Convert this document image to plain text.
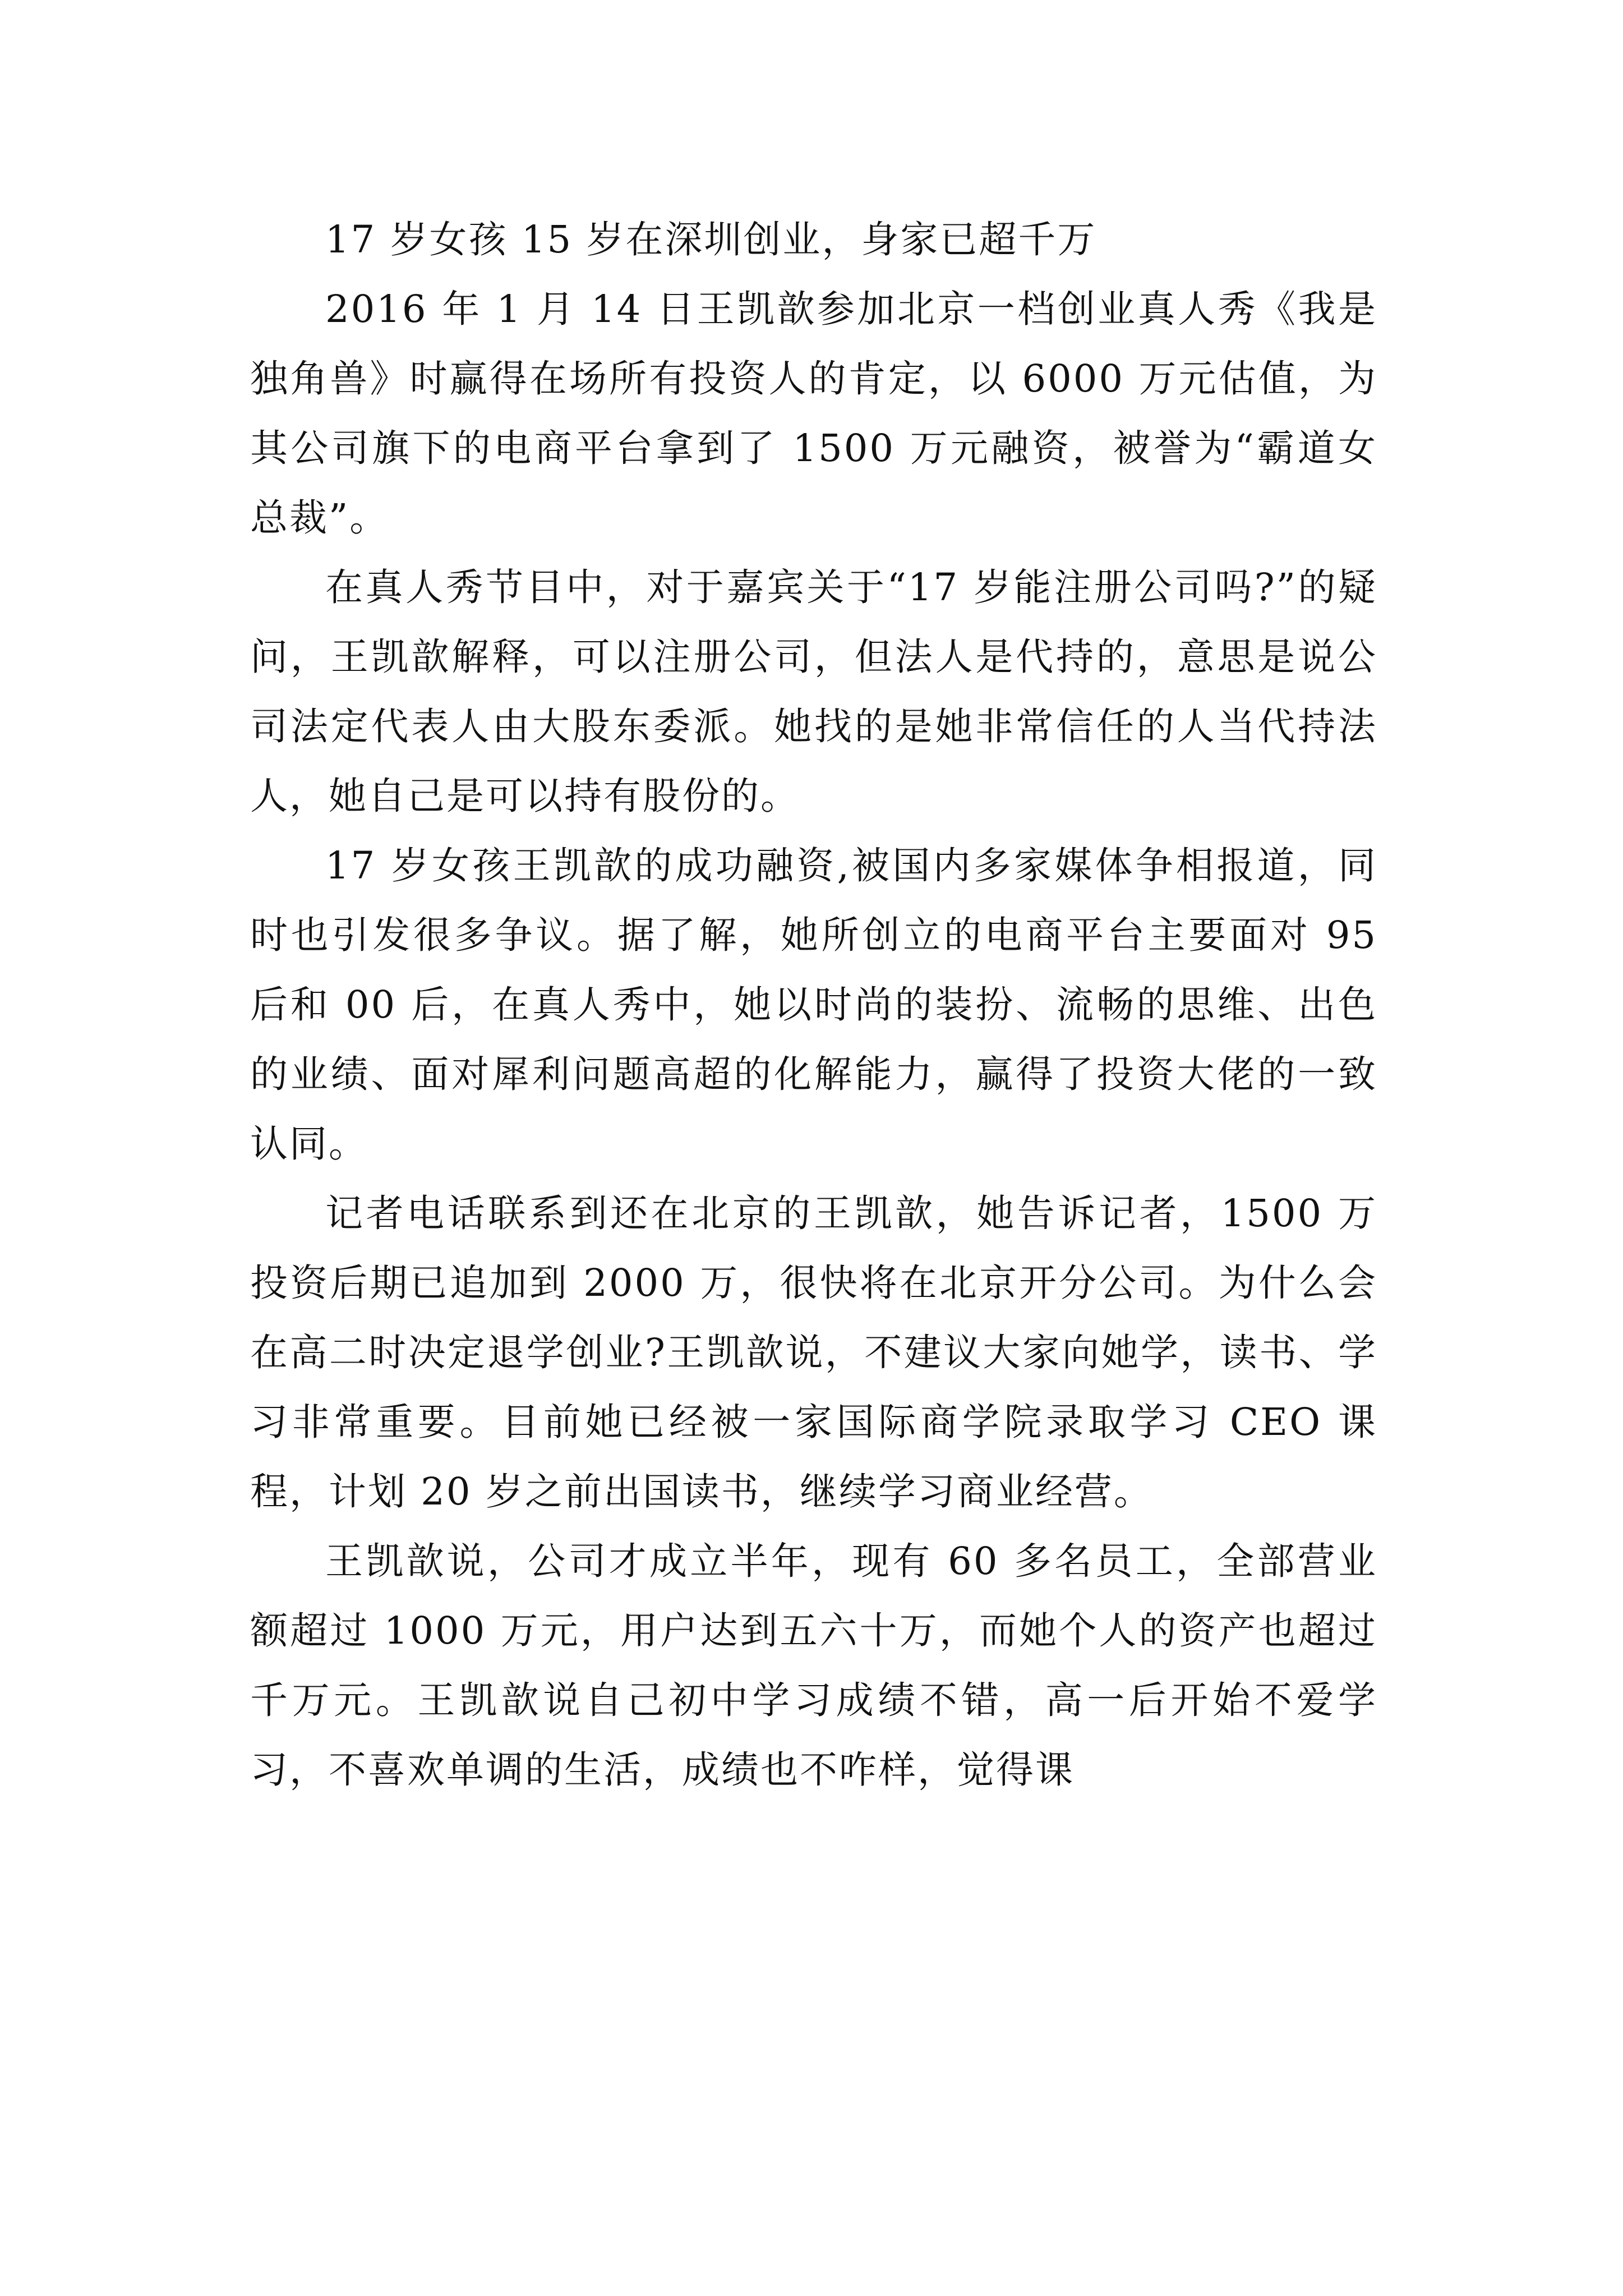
17 岁女孩 15 岁在深圳创业，身家已超千万

2016 年 1 月 14 日王凯歆参加北京一档创业真人秀《我是独角兽》时赢得在场所有投资人的肯定，以 6000 万元估值，为其公司旗下的电商平台拿到了 1500 万元融资，被誉为“霸道女总裁”。

在真人秀节目中，对于嘉宾关于“17 岁能注册公司吗?”的疑问，王凯歆解释，可以注册公司，但法人是代持的，意思是说公司法定代表人由大股东委派。她找的是她非常信任的人当代持法人，她自己是可以持有股份的。

17 岁女孩王凯歆的成功融资,被国内多家媒体争相报道，同时也引发很多争议。据了解，她所创立的电商平台主要面对 95 后和 00 后，在真人秀中，她以时尚的装扮、流畅的思维、出色的业绩、面对犀利问题高超的化解能力，赢得了投资大佬的一致认同。

记者电话联系到还在北京的王凯歆，她告诉记者，1500 万投资后期已追加到 2000 万，很快将在北京开分公司。为什么会在高二时决定退学创业?王凯歆说，不建议大家向她学，读书、学习非常重要。目前她已经被一家国际商学院录取学习 CEO 课程，计划 20 岁之前出国读书，继续学习商业经营。

王凯歆说，公司才成立半年，现有 60 多名员工，全部营业额超过 1000 万元，用户达到五六十万，而她个人的资产也超过千万元。王凯歆说自己初中学习成绩不错，高一后开始不爱学习，不喜欢单调的生活，成绩也不咋样，觉得课
